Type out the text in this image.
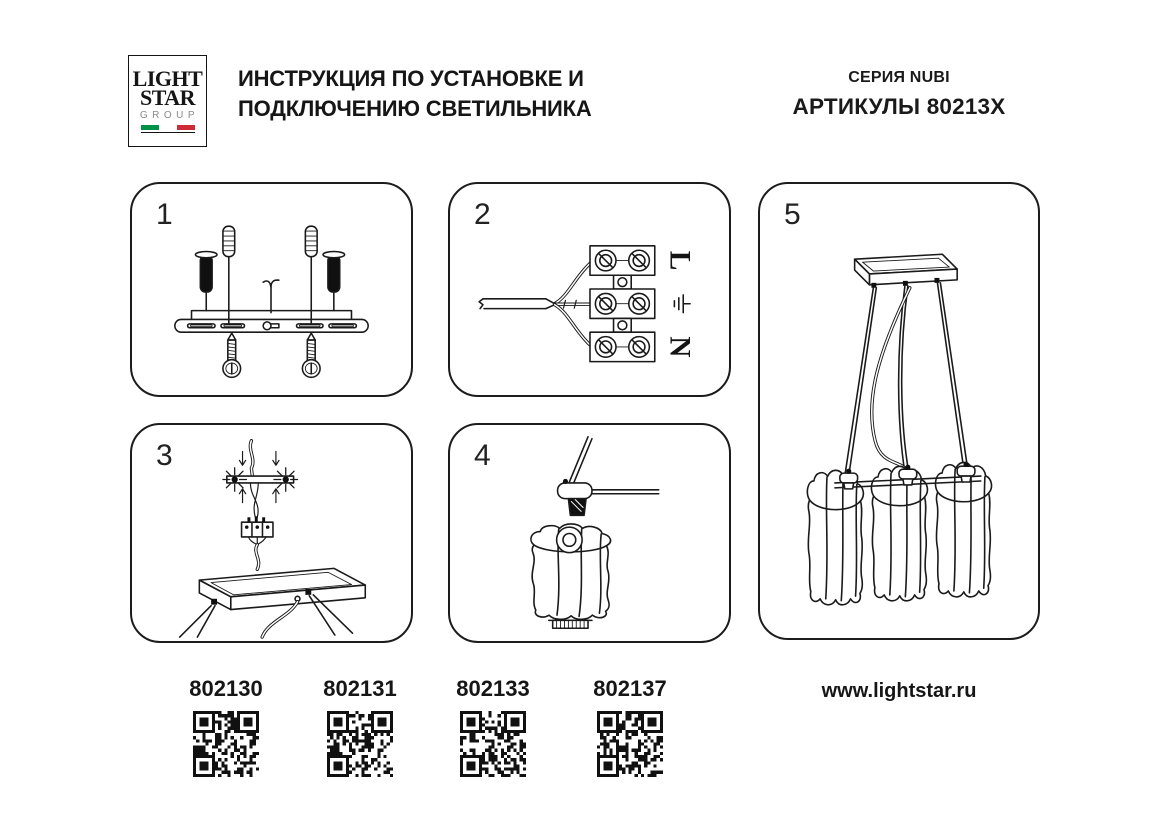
LIGHT
STAR
GROUP
ИНСТРУКЦИЯ ПО УСТАНОВКЕ И
ПОДКЛЮЧЕНИЮ СВЕТИЛЬНИКА
СЕРИЯ NUBI
АРТИКУЛЫ 80213X
1
L
N
2
3	4
5
802130	802131	802133	802137	www.lightstar.ru
